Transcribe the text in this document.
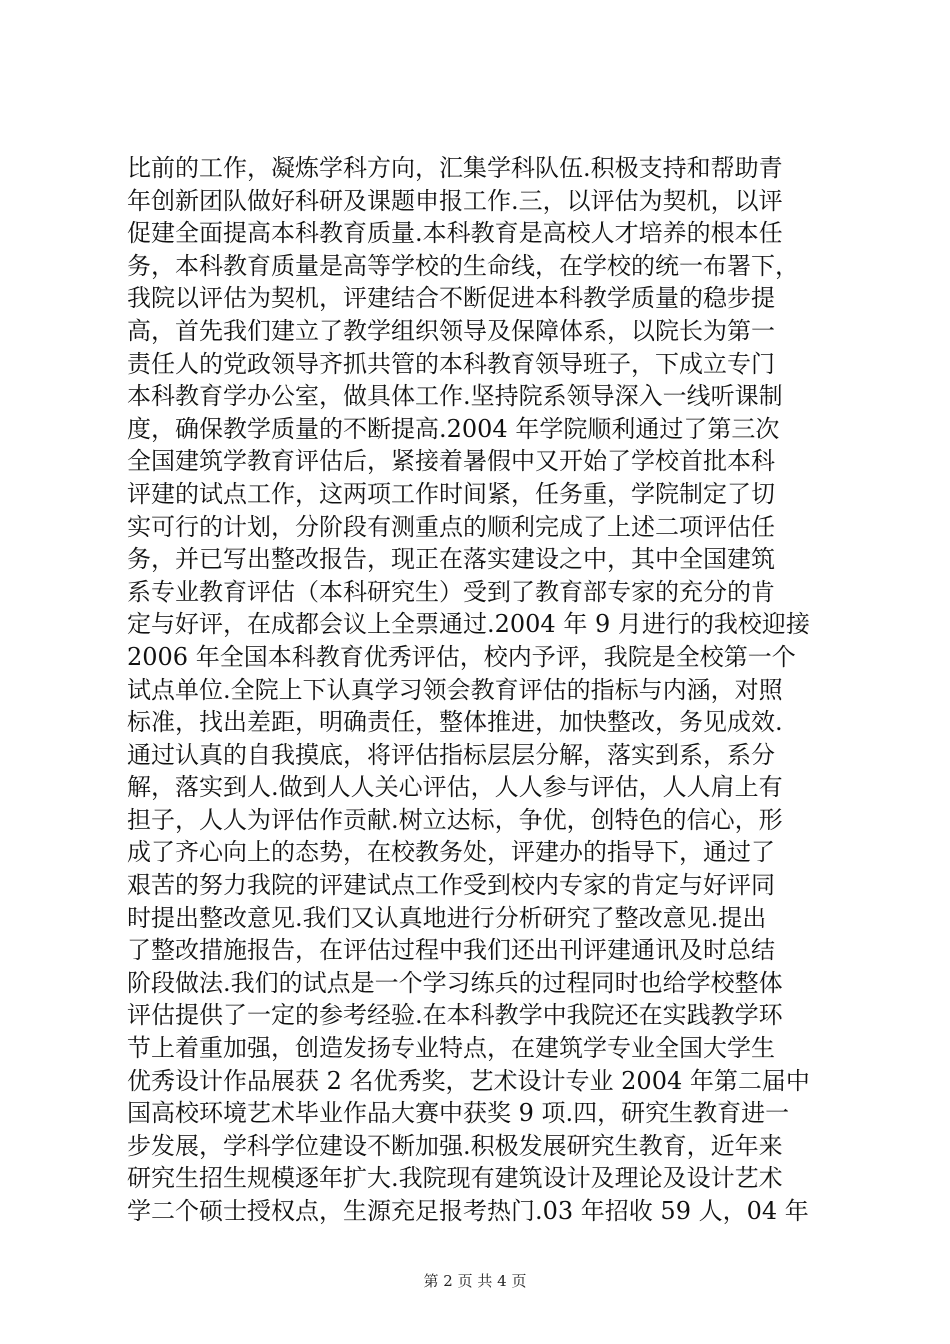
比前的工作，凝炼学科方向，汇集学科队伍.积极支持和帮助青
年创新团队做好科研及课题申报工作.三，以评估为契机，以评
促建全面提高本科教育质量.本科教育是高校人才培养的根本任
务，本科教育质量是高等学校的生命线，在学校的统一布署下，
我院以评估为契机，评建结合不断促进本科教学质量的稳步提
高，首先我们建立了教学组织领导及保障体系，以院长为第一
责任人的党政领导齐抓共管的本科教育领导班子，下成立专门
本科教育学办公室，做具体工作.坚持院系领导深入一线听课制
度，确保教学质量的不断提高.2004 年学院顺利通过了第三次
全国建筑学教育评估后，紧接着暑假中又开始了学校首批本科
评建的试点工作，这两项工作时间紧，任务重，学院制定了切
实可行的计划，分阶段有测重点的顺利完成了上述二项评估任
务，并已写出整改报告，现正在落实建设之中，其中全国建筑
系专业教育评估（本科研究生）受到了教育部专家的充分的肯
定与好评，在成都会议上全票通过.2004 年 9 月进行的我校迎接
2006 年全国本科教育优秀评估，校内予评，我院是全校第一个
试点单位.全院上下认真学习领会教育评估的指标与内涵，对照
标准，找出差距，明确责任，整体推进，加快整改，务见成效.
通过认真的自我摸底，将评估指标层层分解，落实到系，系分
解，落实到人.做到人人关心评估，人人参与评估，人人肩上有
担子，人人为评估作贡献.树立达标，争优，创特色的信心，形
成了齐心向上的态势，在校教务处，评建办的指导下，通过了
艰苦的努力我院的评建试点工作受到校内专家的肯定与好评同
时提出整改意见.我们又认真地进行分析研究了整改意见.提出
了整改措施报告，在评估过程中我们还出刊评建通讯及时总结
阶段做法.我们的试点是一个学习练兵的过程同时也给学校整体
评估提供了一定的参考经验.在本科教学中我院还在实践教学环
节上着重加强，创造发扬专业特点，在建筑学专业全国大学生
优秀设计作品展获 2 名优秀奖，艺术设计专业 2004 年第二届中
国高校环境艺术毕业作品大赛中获奖 9 项.四，研究生教育进一
步发展，学科学位建设不断加强.积极发展研究生教育，近年来
研究生招生规模逐年扩大.我院现有建筑设计及理论及设计艺术
学二个硕士授权点，生源充足报考热门.03 年招收 59 人，04 年
第 2 页 共 4 页
